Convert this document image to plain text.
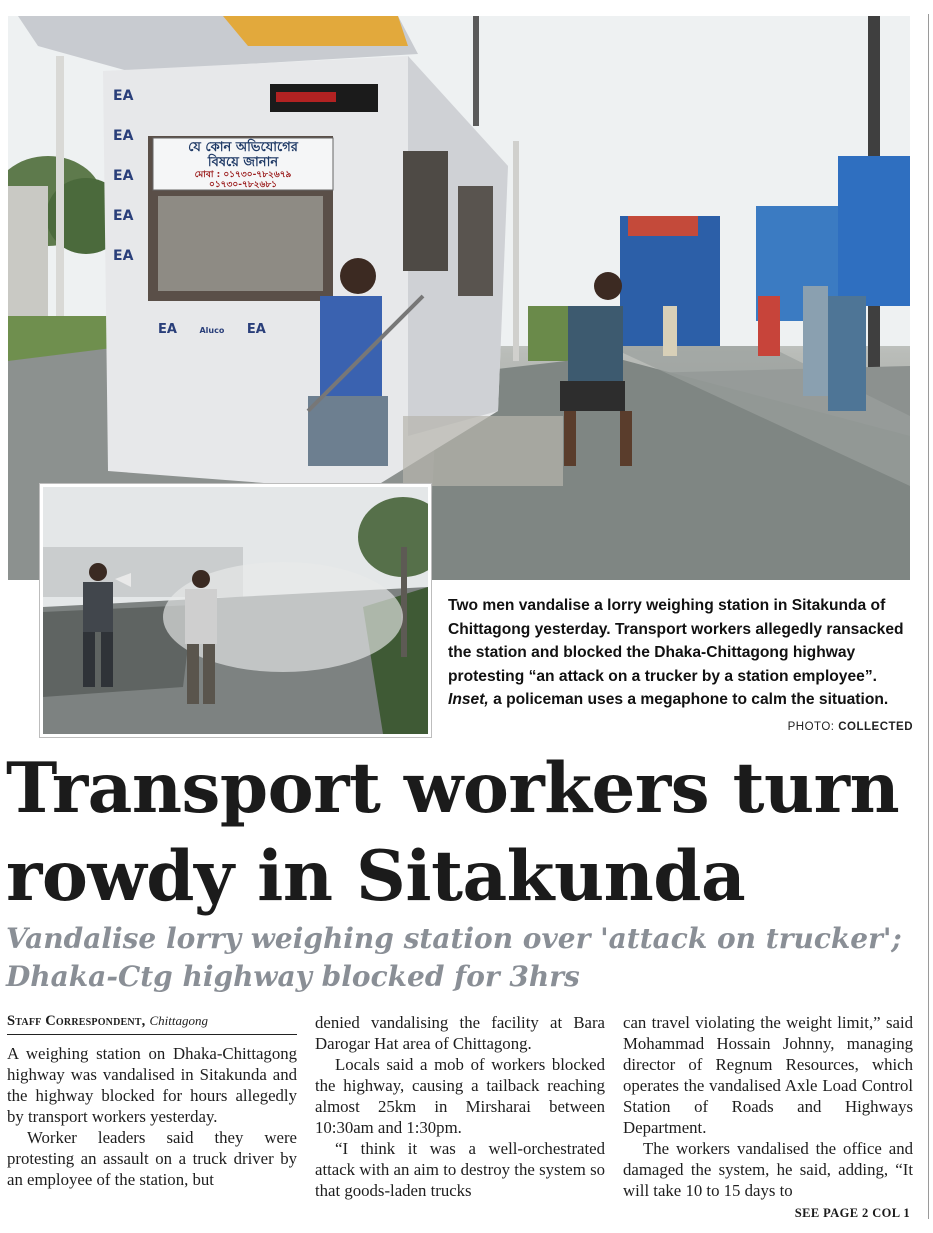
যে কোন অভিযোগের
বিষয়ে জানান
মোবা : ০১৭৩০-৭৮২৬৭৯
০১৭৩০-৭৮২৬৮১
EA
EA
EA
EA
EA
EA	Aluco EA
Two men vandalise a lorry weighing station in Sitakunda of Chittagong yesterday. Transport workers allegedly ransacked the station and blocked the Dhaka-Chittagong highway protesting “an attack on a trucker by a station employee”. Inset, a policeman uses a megaphone to calm the situation.
PHOTO: COLLECTED
Transport workers turn
rowdy in Sitakunda
Vandalise lorry weighing station over 'attack on trucker';
Dhaka-Ctg highway blocked for 3hrs
Staff Correspondent, Chittagong

A weighing station on Dhaka-Chittagong highway was vandalised in Sitakunda and the highway blocked for hours allegedly by transport workers yesterday.

Worker leaders said they were protesting an assault on a truck driver by an employee of the station, but

denied vandalising the facility at Bara Darogar Hat area of Chittagong.

Locals said a mob of workers blocked the highway, causing a tailback reaching almost 25km in Mirsharai between 10:30am and 1:30pm.

“I think it was a well-orchestrated attack with an aim to destroy the system so that goods-laden trucks

can travel violating the weight limit,” said Mohammad Hossain Johnny, managing director of Regnum Resources, which operates the vandalised Axle Load Control Station of Roads and Highways Department.

The workers vandalised the office and damaged the system, he said, adding, “It will take 10 to 15 days to

SEE PAGE 2 COL 1
